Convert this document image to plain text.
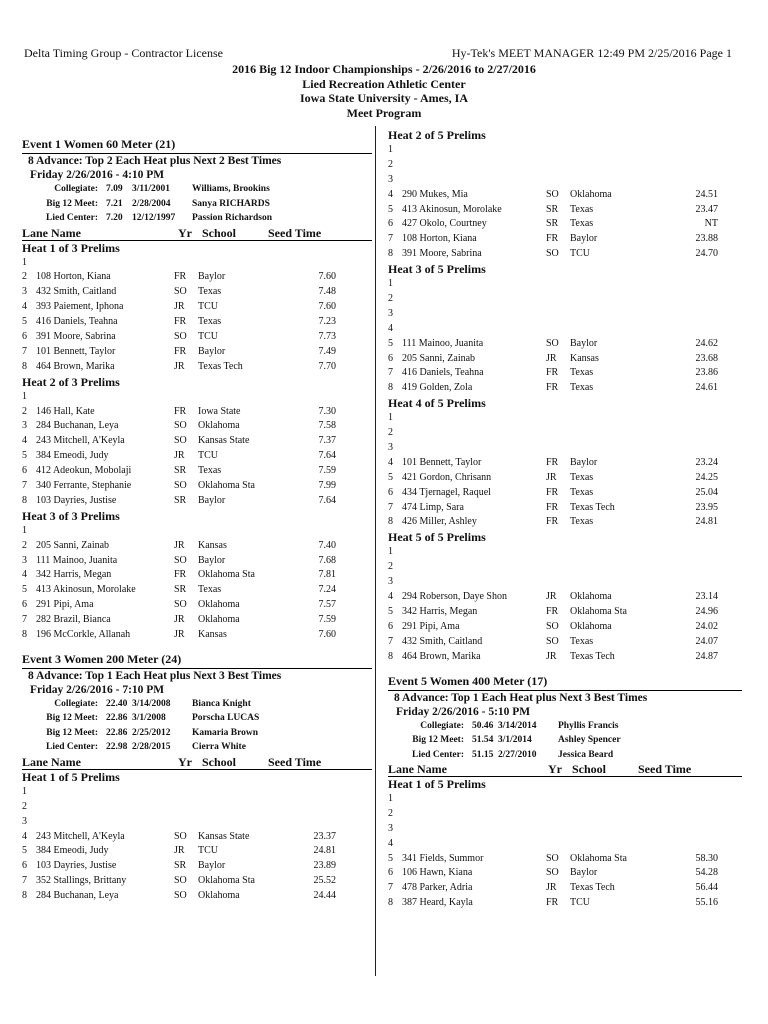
Delta Timing Group - Contractor License	Hy-Tek's MEET MANAGER 12:49 PM 2/25/2016 Page 1
2016 Big 12 Indoor Championships - 2/26/2016 to 2/27/2016
Lied Recreation Athletic Center
Iowa State University - Ames, IA
Meet Program
Event 1 Women 60 Meter (21)
8 Advance: Top 2 Each Heat plus Next 2 Best Times
Friday 2/26/2016 - 4:10 PM
Collegiate: 7.09 3/11/2001	Williams, Brookins
Big 12 Meet: 7.21 2/28/2004	Sanya RICHARDS
Lied Center: 7.20 12/12/1997	Passion Richardson
Lane Name	Yr School	Seed Time
Heat 1 of 3 Prelims
1
2 108 Horton, Kiana	FR	Baylor	7.60
3 432 Smith, Caitland	SO	Texas	7.48
4 393 Paiement, Iphona	JR	TCU	7.60
5 416 Daniels, Teahna	FR	Texas	7.23
6 391 Moore, Sabrina	SO	TCU	7.73
7 101 Bennett, Taylor	FR	Baylor	7.49
8 464 Brown, Marika	JR	Texas Tech	7.70
Heat 2 of 3 Prelims
1
2 146 Hall, Kate	FR	Iowa State	7.30
3 284 Buchanan, Leya	SO	Oklahoma	7.58
4 243 Mitchell, A'Keyla	SO	Kansas State	7.37
5 384 Emeodi, Judy	JR	TCU	7.64
6 412 Adeokun, Mobolaji	SR	Texas	7.59
7 340 Ferrante, Stephanie	SO	Oklahoma Sta	7.99
8 103 Dayries, Justise	SR	Baylor	7.64
Heat 3 of 3 Prelims
1
2 205 Sanni, Zainab	JR	Kansas	7.40
3 111 Mainoo, Juanita	SO	Baylor	7.68
4 342 Harris, Megan	FR	Oklahoma Sta	7.81
5 413 Akinosun, Morolake	SR	Texas	7.24
6 291 Pipi, Ama	SO	Oklahoma	7.57
7 282 Brazil, Bianca	JR	Oklahoma	7.59
8 196 McCorkle, Allanah	JR	Kansas	7.60
Event 3 Women 200 Meter (24)
8 Advance: Top 1 Each Heat plus Next 3 Best Times
Friday 2/26/2016 - 7:10 PM
Collegiate: 22.40 3/14/2008	Bianca Knight
Big 12 Meet: 22.86 3/1/2008	Porscha LUCAS
Big 12 Meet: 22.86 2/25/2012	Kamaria Brown
Lied Center: 22.98 2/28/2015	Cierra White
Lane Name	Yr School	Seed Time
Heat 1 of 5 Prelims
1
2
3
4 243 Mitchell, A'Keyla	SO	Kansas State	23.37
5 384 Emeodi, Judy	JR	TCU	24.81
6 103 Dayries, Justise	SR	Baylor	23.89
7 352 Stallings, Brittany	SO	Oklahoma Sta	25.52
8 284 Buchanan, Leya	SO	Oklahoma	24.44
Heat 2 of 5 Prelims
1
2
3
4 290 Mukes, Mia	SO	Oklahoma	24.51
5 413 Akinosun, Morolake	SR	Texas	23.47
6 427 Okolo, Courtney	SR	Texas	NT
7 108 Horton, Kiana	FR	Baylor	23.88
8 391 Moore, Sabrina	SO	TCU	24.70
Heat 3 of 5 Prelims
1
2
3
4
5 111 Mainoo, Juanita	SO	Baylor	24.62
6 205 Sanni, Zainab	JR	Kansas	23.68
7 416 Daniels, Teahna	FR	Texas	23.86
8 419 Golden, Zola	FR	Texas	24.61
Heat 4 of 5 Prelims
1
2
3
4 101 Bennett, Taylor	FR	Baylor	23.24
5 421 Gordon, Chrisann	JR	Texas	24.25
6 434 Tjernagel, Raquel	FR	Texas	25.04
7 474 Limp, Sara	FR	Texas Tech	23.95
8 426 Miller, Ashley	FR	Texas	24.81
Heat 5 of 5 Prelims
1
2
3
4 294 Roberson, Daye Shon	JR	Oklahoma	23.14
5 342 Harris, Megan	FR	Oklahoma Sta	24.96
6 291 Pipi, Ama	SO	Oklahoma	24.02
7 432 Smith, Caitland	SO	Texas	24.07
8 464 Brown, Marika	JR	Texas Tech	24.87
Event 5 Women 400 Meter (17)
8 Advance: Top 1 Each Heat plus Next 3 Best Times
Friday 2/26/2016 - 5:10 PM
Collegiate: 50.46 3/14/2014	Phyllis Francis
Big 12 Meet: 51.54 3/1/2014	Ashley Spencer
Lied Center: 51.15 2/27/2010	Jessica Beard
Lane Name	Yr School	Seed Time
Heat 1 of 5 Prelims
1
2
3
4
5 341 Fields, Summor	SO	Oklahoma Sta	58.30
6 106 Hawn, Kiana	SO	Baylor	54.28
7 478 Parker, Adria	JR	Texas Tech	56.44
8 387 Heard, Kayla	FR	TCU	55.16
